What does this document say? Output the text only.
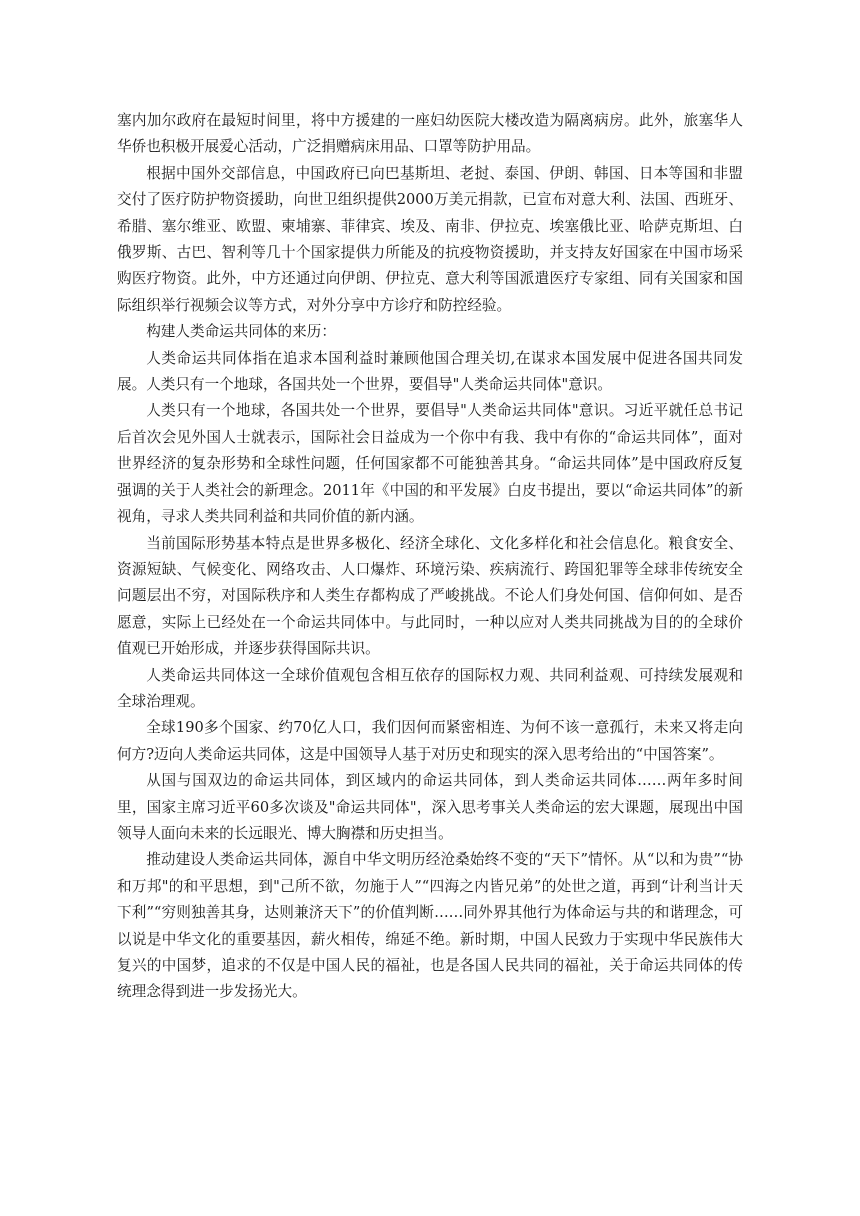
塞内加尔政府在最短时间里，将中方援建的一座妇幼医院大楼改造为隔离病房。此外，旅塞华人华侨也积极开展爱心活动，广泛捐赠病床用品、口罩等防护用品。

根据中国外交部信息，中国政府已向巴基斯坦、老挝、泰国、伊朗、韩国、日本等国和非盟交付了医疗防护物资援助，向世卫组织提供2000万美元捐款，已宣布对意大利、法国、西班牙、希腊、塞尔维亚、欧盟、柬埔寨、菲律宾、埃及、南非、伊拉克、埃塞俄比亚、哈萨克斯坦、白俄罗斯、古巴、智利等几十个国家提供力所能及的抗疫物资援助，并支持友好国家在中国市场采购医疗物资。此外，中方还通过向伊朗、伊拉克、意大利等国派遣医疗专家组、同有关国家和国际组织举行视频会议等方式，对外分享中方诊疗和防控经验。

构建人类命运共同体的来历：

人类命运共同体指在追求本国利益时兼顾他国合理关切,在谋求本国发展中促进各国共同发展。人类只有一个地球，各国共处一个世界，要倡导"人类命运共同体"意识。

人类只有一个地球，各国共处一个世界，要倡导"人类命运共同体"意识。习近平就任总书记后首次会见外国人士就表示，国际社会日益成为一个你中有我、我中有你的“命运共同体”，面对世界经济的复杂形势和全球性问题，任何国家都不可能独善其身。“命运共同体”是中国政府反复强调的关于人类社会的新理念。2011年《中国的和平发展》白皮书提出，要以“命运共同体”的新视角，寻求人类共同利益和共同价值的新内涵。

当前国际形势基本特点是世界多极化、经济全球化、文化多样化和社会信息化。粮食安全、资源短缺、气候变化、网络攻击、人口爆炸、环境污染、疾病流行、跨国犯罪等全球非传统安全问题层出不穷，对国际秩序和人类生存都构成了严峻挑战。不论人们身处何国、信仰何如、是否愿意，实际上已经处在一个命运共同体中。与此同时，一种以应对人类共同挑战为目的的全球价值观已开始形成，并逐步获得国际共识。

人类命运共同体这一全球价值观包含相互依存的国际权力观、共同利益观、可持续发展观和全球治理观。

全球190多个国家、约70亿人口，我们因何而紧密相连、为何不该一意孤行，未来又将走向何方?迈向人类命运共同体，这是中国领导人基于对历史和现实的深入思考给出的“中国答案”。

从国与国双边的命运共同体，到区域内的命运共同体，到人类命运共同体……两年多时间里，国家主席习近平60多次谈及"命运共同体"，深入思考事关人类命运的宏大课题，展现出中国领导人面向未来的长远眼光、博大胸襟和历史担当。

推动建设人类命运共同体，源自中华文明历经沧桑始终不变的“天下”情怀。从“以和为贵”“协和万邦"的和平思想，到"己所不欲，勿施于人”“四海之内皆兄弟”的处世之道，再到“计利当计天下利”“穷则独善其身，达则兼济天下”的价值判断……同外界其他行为体命运与共的和谐理念，可以说是中华文化的重要基因，薪火相传，绵延不绝。新时期，中国人民致力于实现中华民族伟大复兴的中国梦，追求的不仅是中国人民的福祉，也是各国人民共同的福祉，关于命运共同体的传统理念得到进一步发扬光大。
